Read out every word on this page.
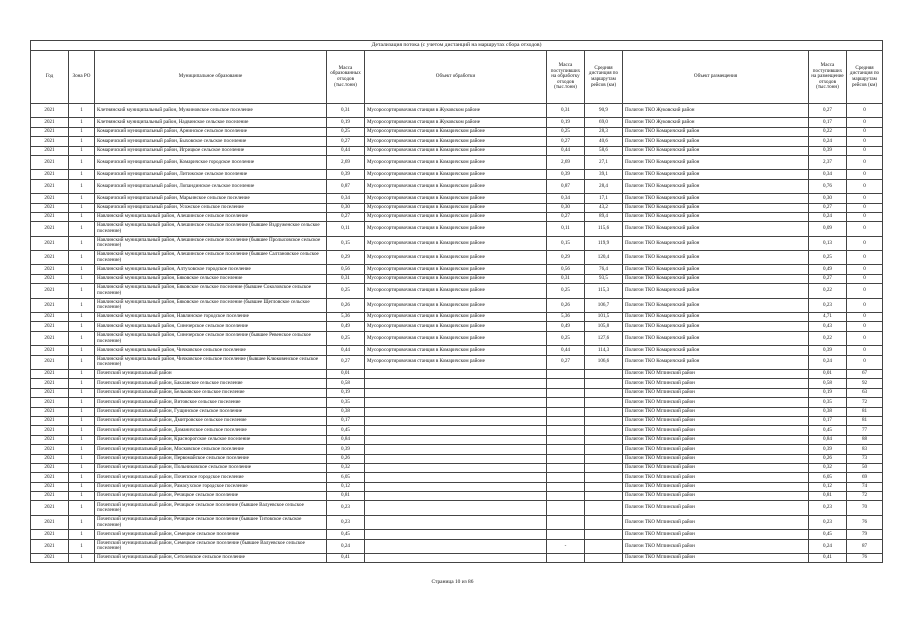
Детализация потока (с учетом дистанций на маршрутах сбора отходов)									
Год	Зона РО	Муниципальное образование	Масса образованных отходов (тыс.тонн)	Объект обработки	Масса поступивших на обработку отходов (тыс.тонн)	Средняя дистанция по маршрутам рейсов (км)	Объект размещения	Масса поступивших на размещение отходов (тыс.тонн)	Средняя дистанция по маршрутам рейсов (км)
2021	1	Клетнянский муниципальный район, Мужиновское сельское поселение	0,31	Мусоросортировочная станция в Жуковском районе	0,31	90,9	Полигон ТКО Жуковский район	0,27	0
2021	1	Клетнянский муниципальный район, Надвинское сельское поселение	0,19	Мусоросортировочная станция в Жуковском районе	0,19	69,0	Полигон ТКО Жуковский район	0,17	0
2021	1	Комаричский муниципальный район, Арнинское сельское поселение	0,25	Мусоросортировочная станция в Комаричском районе	0,25	28,3	Полигон ТКО Комаричский район	0,22	0
2021	1	Комаричский муниципальный район, Быховское сельское поселение	0,27	Мусоросортировочная станция в Комаричском районе	0,27	40,6	Полигон ТКО Комаричский район	0,24	0
2021	1	Комаричский муниципальный район, Игрицкое сельское поселение	0,44	Мусоросортировочная станция в Комаричском районе	0,44	58,6	Полигон ТКО Комаричский район	0,39	0
2021	1	Комаричский муниципальный район, Комаричское городское поселение	2,69	Мусоросортировочная станция в Комаричском районе	2,69	27,1	Полигон ТКО Комаричский район	2,37	0
2021	1	Комаричский муниципальный район, Литижское сельское поселение	0,39	Мусоросортировочная станция в Комаричском районе	0,39	39,1	Полигон ТКО Комаричский район	0,34	0
2021	1	Комаричский муниципальный район, Лопандинское сельское поселение	0,87	Мусоросортировочная станция в Комаричском районе	0,87	28,4	Полигон ТКО Комаричский район	0,76	0
2021	1	Комаричский муниципальный район, Марьинское сельское поселение	0,34	Мусоросортировочная станция в Комаричском районе	0,34	17,1	Полигон ТКО Комаричский район	0,30	0
2021	1	Комаричский муниципальный район, Усожское сельское поселение	0,30	Мусоросортировочная станция в Комаричском районе	0,30	43,2	Полигон ТКО Комаричский район	0,27	0
2021	1	Навлинский муниципальный район, Алешинское сельское поселение	0,27	Мусоросортировочная станция в Комаричском районе	0,27	89,4	Полигон ТКО Комаричский район	0,24	0
2021	1	Навлинский муниципальный район, Алешинское сельское поселение (бывшее Вздруженское сельское поселение)	0,11	Мусоросортировочная станция в Комаричском районе	0,11	115,6	Полигон ТКО Комаричский район	0,09	0
2021	1	Навлинский муниципальный район, Алешинское сельское поселение (бывшее Пролысовское сельское поселение)	0,15	Мусоросортировочная станция в Комаричском районе	0,15	119,9	Полигон ТКО Комаричский район	0,13	0
2021	1	Навлинский муниципальный район, Алешинское сельское поселение (бывшее Салтановское сельское поселение)	0,29	Мусоросортировочная станция в Комаричском районе	0,29	120,4	Полигон ТКО Комаричский район	0,25	0
2021	1	Навлинский муниципальный район, Алтуховское городское поселение	0,56	Мусоросортировочная станция в Комаричском районе	0,56	76,4	Полигон ТКО Комаричский район	0,49	0
2021	1	Навлинский муниципальный район, Бяковское сельское поселение	0,31	Мусоросортировочная станция в Комаричском районе	0,31	93,5	Полигон ТКО Комаричский район	0,27	0
2021	1	Навлинский муниципальный район, Бяковское сельское поселение (бывшее Соколовское сельское поселение)	0,25	Мусоросортировочная станция в Комаричском районе	0,25	115,3	Полигон ТКО Комаричский район	0,22	0
2021	1	Навлинский муниципальный район, Бяковское сельское поселение (бывшее Щегловское сельское поселение)	0,26	Мусоросортировочная станция в Комаричском районе	0,26	106,7	Полигон ТКО Комаричский район	0,23	0
2021	1	Навлинский муниципальный район, Навлинское городское поселение	5,36	Мусоросортировочная станция в Комаричском районе	5,36	101,5	Полигон ТКО Комаричский район	4,71	0
2021	1	Навлинский муниципальный район, Синезерское сельское поселение	0,49	Мусоросортировочная станция в Комаричском районе	0,49	105,8	Полигон ТКО Комаричский район	0,43	0
2021	1	Навлинский муниципальный район, Синезерское сельское поселение (бывшее Ревенское сельское поселение)	0,25	Мусоросортировочная станция в Комаричском районе	0,25	127,6	Полигон ТКО Комаричский район	0,22	0
2021	1	Навлинский муниципальный район, Чичковское сельское поселение	0,44	Мусоросортировочная станция в Комаричском районе	0,44	114,3	Полигон ТКО Комаричский район	0,39	0
2021	1	Навлинский муниципальный район, Чичковское сельское поселение (бывшее Клюковенское сельское поселение)	0,27	Мусоросортировочная станция в Комаричском районе	0,27	106,6	Полигон ТКО Комаричский район	0,24	0
2021	1	Почепский муниципальный район	0,01				Полигон ТКО Мглинский район	0,01	67
2021	1	Почепский муниципальный район, Бакланское сельское поселение	0,58				Полигон ТКО Мглинский район	0,58	92
2021	1	Почепский муниципальный район, Бельковское сельское поселение	0,19				Полигон ТКО Мглинский район	0,19	63
2021	1	Почепский муниципальный район, Витовское сельское поселение	0,35				Полигон ТКО Мглинский район	0,35	72
2021	1	Почепский муниципальный район, Гущинское сельское поселение	0,38				Полигон ТКО Мглинский район	0,38	81
2021	1	Почепский муниципальный район, Дмитровское сельское поселение	0,17				Полигон ТКО Мглинский район	0,17	81
2021	1	Почепский муниципальный район, Доманичское сельское поселение	0,45				Полигон ТКО Мглинский район	0,45	77
2021	1	Почепский муниципальный район, Краснорогское сельское поселение	0,84				Полигон ТКО Мглинский район	0,84	88
2021	1	Почепский муниципальный район, Московское сельское поселение	0,39				Полигон ТКО Мглинский район	0,39	83
2021	1	Почепский муниципальный район, Первомайское сельское поселение	0,26				Полигон ТКО Мглинский район	0,26	73
2021	1	Почепский муниципальный район, Польниковское сельское поселение	0,32				Полигон ТКО Мглинский район	0,32	50
2021	1	Почепский муниципальный район, Почепское городское поселение	6,05				Полигон ТКО Мглинский район	6,05	69
2021	1	Почепский муниципальный район, Рамасухское городское поселение	0,12				Полигон ТКО Мглинский район	0,12	74
2021	1	Почепский муниципальный район, Речицкое сельское поселение	0,81				Полигон ТКО Мглинский район	0,81	72
2021	1	Почепский муниципальный район, Речицкое сельское поселение (бывшее Валуевское сельское поселение)	0,23				Полигон ТКО Мглинский район	0,23	70
2021	1	Почепский муниципальный район, Речицкое сельское поселение (бывшее Титовское сельское поселение)	0,23				Полигон ТКО Мглинский район	0,23	76
2021	1	Почепский муниципальный район, Семецкое сельское поселение	0,45				Полигон ТКО Мглинский район	0,45	79
2021	1	Почепский муниципальный район, Семецкое сельское поселение (бывшее Валуевское сельское поселение)	0,24		-		Полигон ТКО Мглинский район	0,24	87
2021	1	Почепский муниципальный район, Сетолевское сельское поселение	0,41				Полигон ТКО Мглинский район	0,41	76
Страница 10 из 86
